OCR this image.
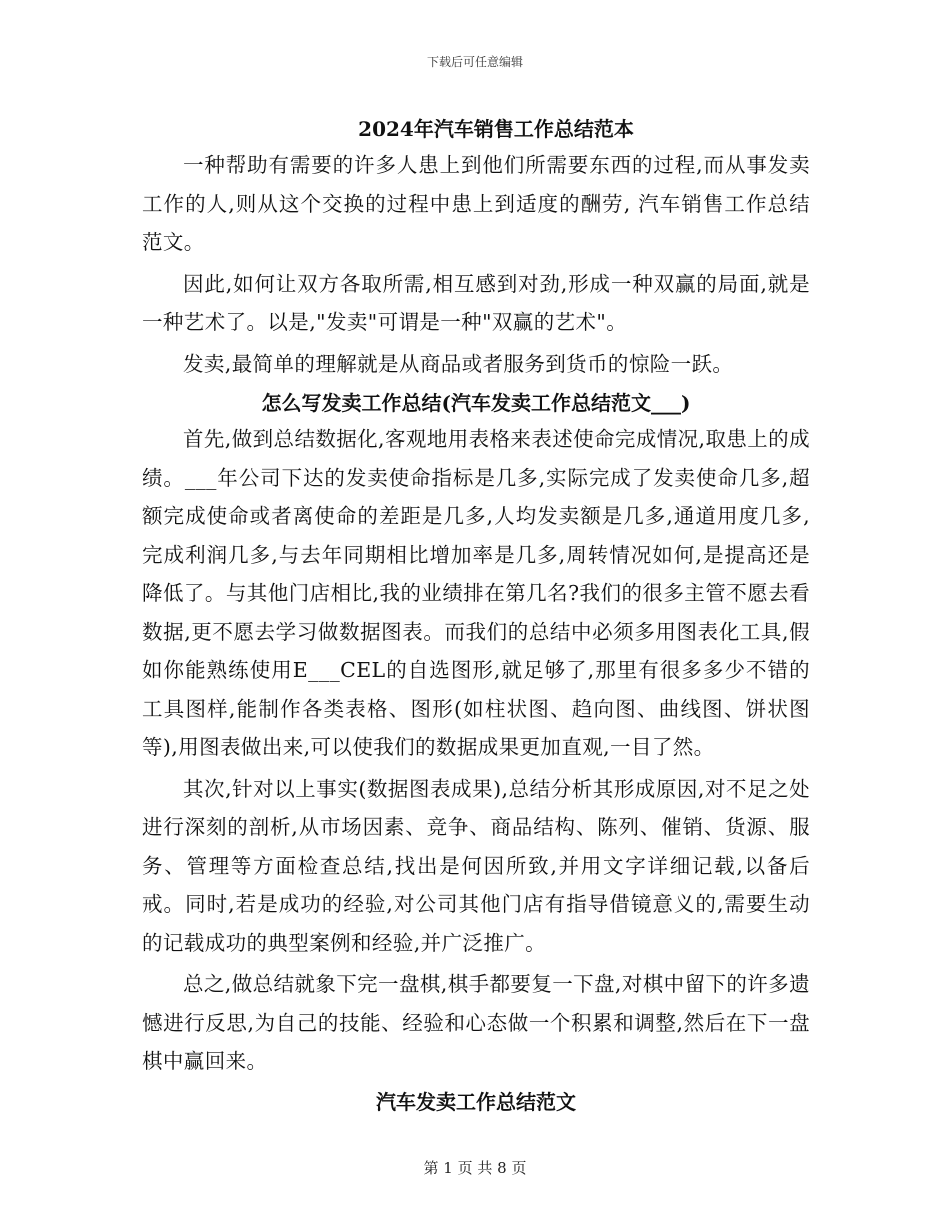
下载后可任意编辑
2024年汽车销售工作总结范本

一种帮助有需要的许多人患上到他们所需要东西的过程,而从事发卖工作的人,则从这个交换的过程中患上到适度的酬劳, 汽车销售工作总结范文。

因此,如何让双方各取所需,相互感到对劲,形成一种双赢的局面,就是一种艺术了。以是,"发卖"可谓是一种"双赢的艺术"。

发卖,最简单的理解就是从商品或者服务到货币的惊险一跃。

怎么写发卖工作总结(汽车发卖工作总结范文___)

首先,做到总结数据化,客观地用表格来表述使命完成情况,取患上的成绩。___年公司下达的发卖使命指标是几多,实际完成了发卖使命几多,超额完成使命或者离使命的差距是几多,人均发卖额是几多,通道用度几多,完成利润几多,与去年同期相比增加率是几多,周转情况如何,是提高还是降低了。与其他门店相比,我的业绩排在第几名?我们的很多主管不愿去看数据,更不愿去学习做数据图表。而我们的总结中必须多用图表化工具,假如你能熟练使用E___CEL的自选图形,就足够了,那里有很多多少不错的工具图样,能制作各类表格、图形(如柱状图、趋向图、曲线图、饼状图等),用图表做出来,可以使我们的数据成果更加直观,一目了然。

其次,针对以上事实(数据图表成果),总结分析其形成原因,对不足之处进行深刻的剖析,从市场因素、竞争、商品结构、陈列、催销、货源、服务、管理等方面检查总结,找出是何因所致,并用文字详细记载,以备后戒。同时,若是成功的经验,对公司其他门店有指导借镜意义的,需要生动的记载成功的典型案例和经验,并广泛推广。

总之,做总结就象下完一盘棋,棋手都要复一下盘,对棋中留下的许多遗憾进行反思,为自己的技能、经验和心态做一个积累和调整,然后在下一盘棋中赢回来。

汽车发卖工作总结范文
第 1 页 共 8 页
